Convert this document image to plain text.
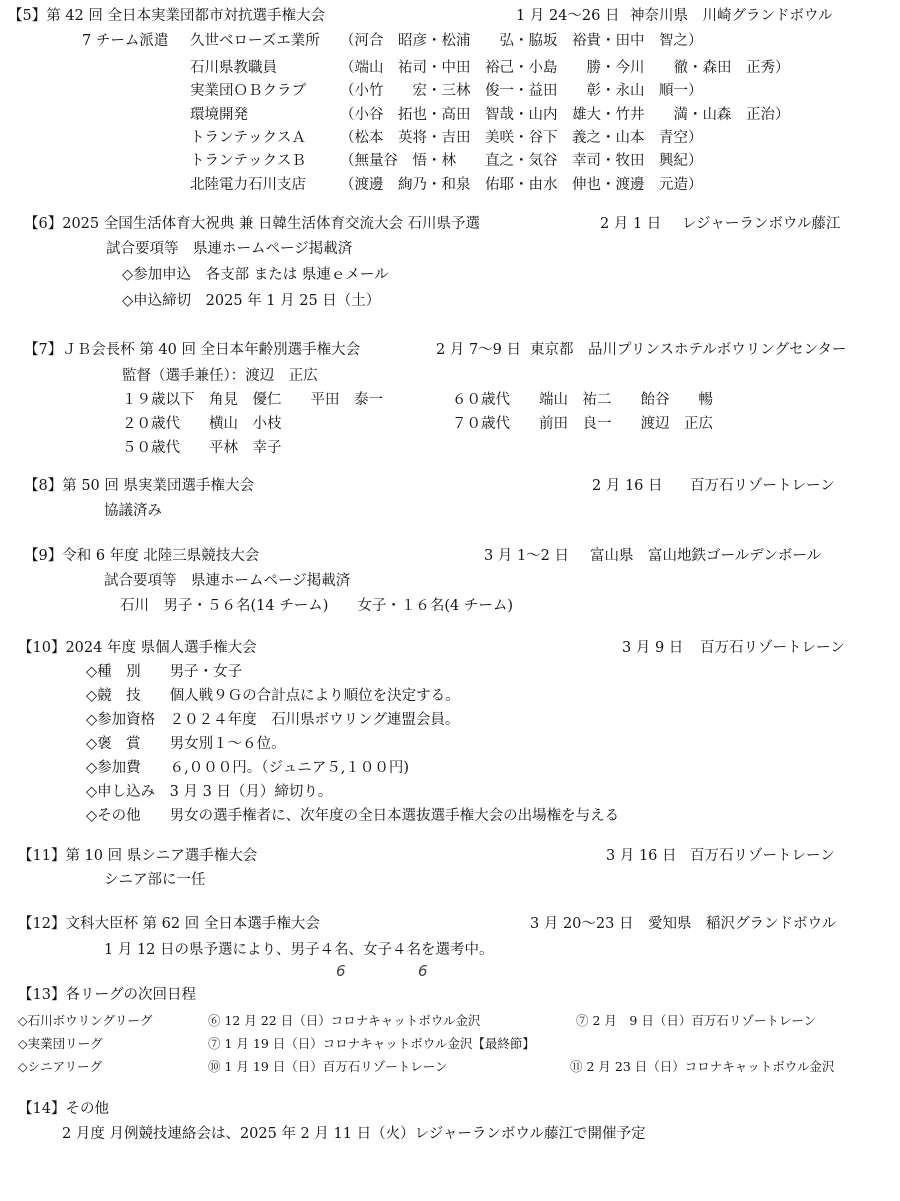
【5】第 42 回 全日本実業団都市対抗選手権大会	1 月 24～26 日 神奈川県　川崎グランドボウル
7 チーム派遣 久世ベローズエ業所 （河合　昭彦・松浦　　弘・脇坂　裕貴・田中　智之）
石川県教職員	（端山　祐司・中田　裕己・小島　　勝・今川　　徹・森田　正秀）
実業団ＯＢクラブ （小竹　　宏・三林　俊一・益田　　彰・永山　順一）
環境開発	（小谷　拓也・高田　智哉・山内　雄大・竹井　　満・山森　正治）
トランテックスＡ （松本　英将・吉田　美咲・谷下　義之・山本　青空）
トランテックスＢ （無量谷　悟・林　　直之・気谷　幸司・牧田　興紀）
北陸電力石川支店 （渡邊　絢乃・和泉　佑耶・由水　伸也・渡邊　元造）
【6】2025 全国生活体育大祝典 兼 日韓生活体育交流大会 石川県予選	2 月 1 日 レジャーランボウル藤江
試合要項等　県連ホームページ掲載済
◇参加申込　各支部 または 県連ｅメール
◇申込締切　2025 年 1 月 25 日（土）
【7】ＪＢ会長杯 第 40 回 全日本年齢別選手権大会	2 月 7～9 日 東京都　品川プリンスホテルボウリングセンター
監督（選手兼任）：渡辺　正広
１９歳以下　角見　優仁　　平田　泰一	６０歳代　　端山　祐二　　飴谷　　暢
２０歳代　　横山　小枝	７０歳代　　前田　良一　　渡辺　正広
５０歳代　　平林　幸子
【8】第 50 回 県実業団選手権大会	2 月 16 日 百万石リゾートレーン
協議済み
【9】令和 6 年度 北陸三県競技大会	3 月 1～2 日 富山県　富山地鉄ゴールデンボール
試合要項等　県連ホームページ掲載済
石川　男子・５６名(14 チーム)　　女子・１６名(4 チーム)
【10】2024 年度 県個人選手権大会	3 月 9 日 百万石リゾートレーン
◇種　別　　男子・女子
◇競　技　　個人戦９Ｇの合計点により順位を決定する。
◇参加資格　２０２４年度　石川県ボウリング連盟会員。
◇褒　賞　　男女別１～６位。
◇参加費　　６,０００円。（ジュニア５,１００円)
◇申し込み　3 月 3 日（月）締切り。
◇その他　　男女の選手権者に、次年度の全日本選抜選手権大会の出場権を与える
【11】第 10 回 県シニア選手権大会	3 月 16 日 百万石リゾートレーン
シニア部に一任
【12】文科大臣杯 第 62 回 全日本選手権大会	3 月 20～23 日 愛知県　稲沢グランドボウル
1 月 12 日の県予選により、男子４名、女子４名を選考中。
6	6
【13】各リーグの次回日程
◇石川ボウリングリーグ	⑥ 12 月 22 日（日）コロナキャットボウル金沢	⑦ 2 月　9 日（日）百万石リゾートレーン
◇実業団リーグ	⑦ 1 月 19 日（日）コロナキャットボウル金沢【最終節】
◇シニアリーグ	⑩ 1 月 19 日（日）百万石リゾートレーン	⑪ 2 月 23 日（日）コロナキャットボウル金沢
【14】その他
2 月度 月例競技連絡会は、2025 年 2 月 11 日（火）レジャーランボウル藤江で開催予定
